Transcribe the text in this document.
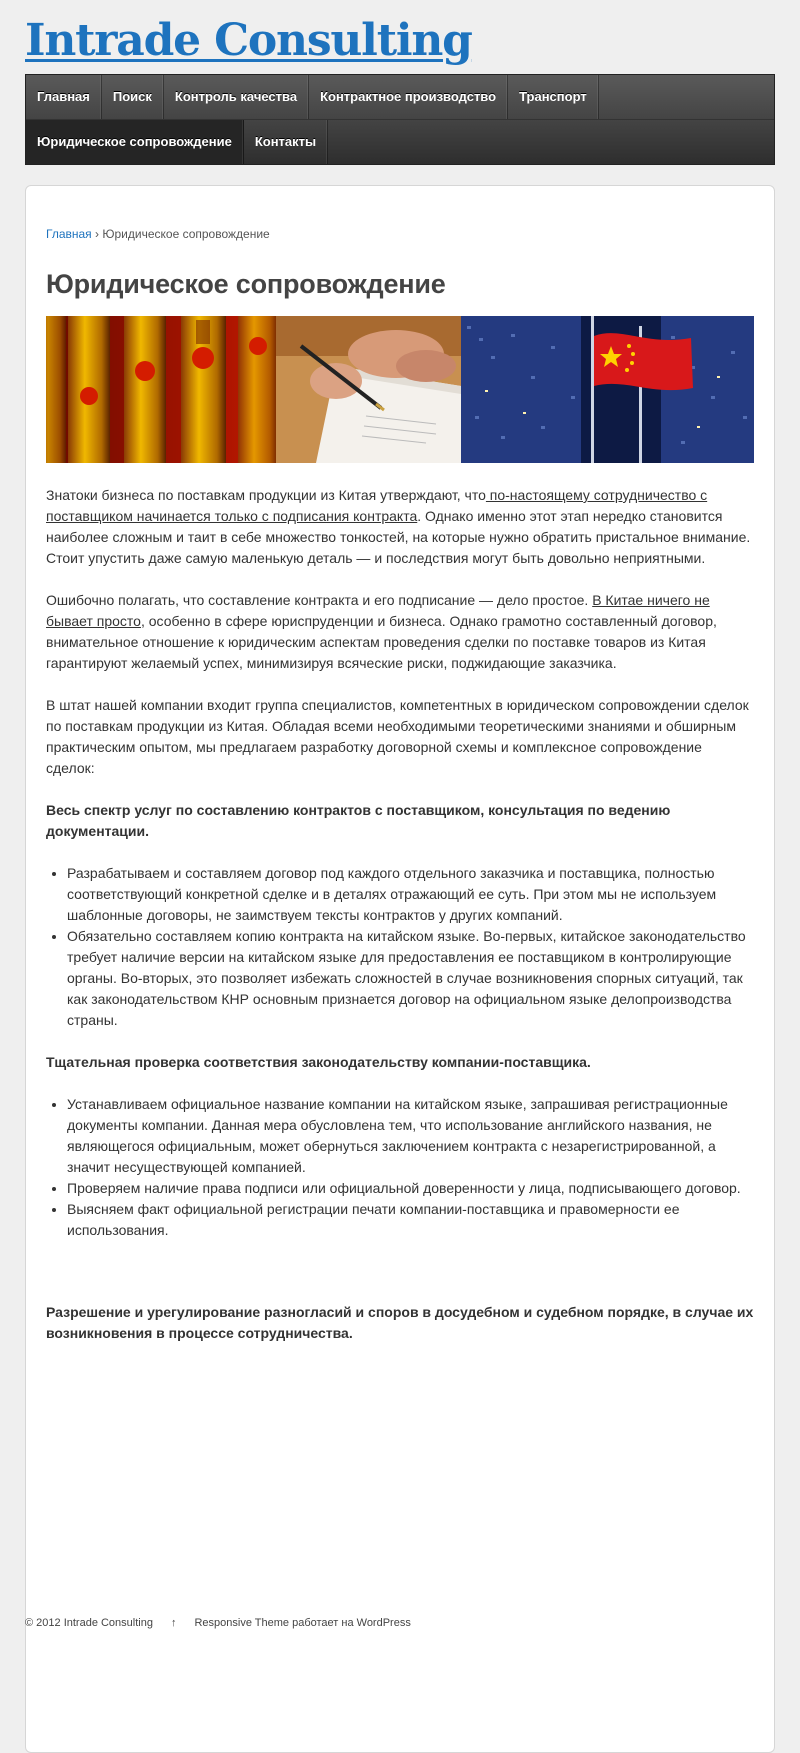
Intrade Consulting
Главная	Поиск	Контроль качества	Контрактное производство	Транспорт
Юридическое сопровождение	Контакты
Главная › Юридическое сопровождение
Юридическое сопровождение

Знатоки бизнеса по поставкам продукции из Китая утверждают, что по-настоящему сотрудничество с поставщиком начинается только с подписания контракта. Однако именно этот этап нередко становится наиболее сложным и таит в себе множество тонкостей, на которые нужно обратить пристальное внимание. Стоит упустить даже самую маленькую деталь — и последствия могут быть довольно неприятными.

Ошибочно полагать, что составление контракта и его подписание — дело простое. В Китае ничего не бывает просто, особенно в сфере юриспруденции и бизнеса. Однако грамотно составленный договор, внимательное отношение к юридическим аспектам проведения сделки по поставке товаров из Китая гарантируют желаемый успех, минимизируя всяческие риски, поджидающие заказчика.

В штат нашей компании входит группа специалистов, компетентных в юридическом сопровождении сделок по поставкам продукции из Китая. Обладая всеми необходимыми теоретическими знаниями и обширным практическим опытом, мы предлагаем разработку договорной схемы и комплексное сопровождение сделок:

Весь спектр услуг по составлению контрактов с поставщиком, консультация по ведению документации.

• Разрабатываем и составляем договор под каждого отдельного заказчика и поставщика, полностью соответствующий конкретной сделке и в деталях отражающий ее суть. При этом мы не используем шаблонные договоры, не заимствуем тексты контрактов у других компаний.
• Обязательно составляем копию контракта на китайском языке. Во-первых, китайское законодательство требует наличие версии на китайском языке для предоставления ее поставщиком в контролирующие органы. Во-вторых, это позволяет избежать сложностей в случае возникновения спорных ситуаций, так как законодательством КНР основным признается договор на официальном языке делопроизводства страны.

Тщательная проверка соответствия законодательству компании-поставщика.

• Устанавливаем официальное название компании на китайском языке, запрашивая регистрационные документы компании. Данная мера обусловлена тем, что использование английского названия, не являющегося официальным, может обернуться заключением контракта с незарегистрированной, а значит несуществующей компанией.
• Проверяем наличие права подписи или официальной доверенности у лица, подписывающего договор.
• Выясняем факт официальной регистрации печати компании-поставщика и правомерности ее использования.

Разрешение и урегулирование разногласий и споров в досудебном и судебном порядке, в случае их возникновения в процессе сотрудничества.

© 2012 Intrade Consulting ↑ Responsive Theme работает на WordPress
